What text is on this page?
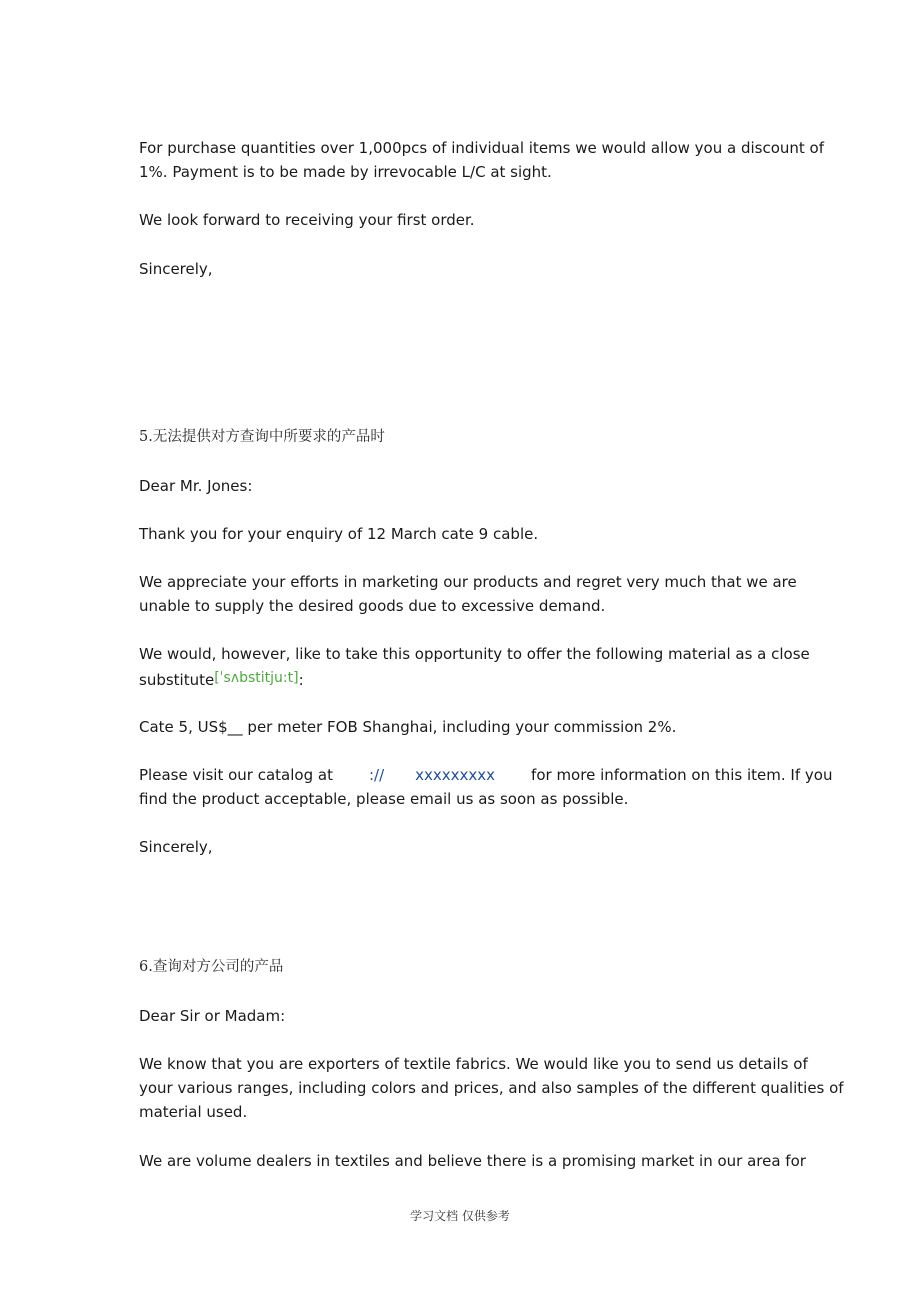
For purchase quantities over 1,000pcs of individual items we would allow you a discount of
1%. Payment is to be made by irrevocable L/C at sight.
We look forward to receiving your first order.
Sincerely,
5.无法提供对方查询中所要求的产品时
Dear Mr. Jones:
Thank you for your enquiry of 12 March cate 9 cable.
We appreciate your efforts in marketing our products and regret very much that we are
unable to supply the desired goods due to excessive demand.
We would, however, like to take this opportunity to offer the following material as a close
substitute[ˈsʌbstitju:t]:
Cate 5, US$__ per meter FOB Shanghai, including your commission 2%.
Please visit our catalog at :// xxxxxxxxx for more information on this item. If you
find the product acceptable, please email us as soon as possible.
Sincerely,
6.查询对方公司的产品
Dear Sir or Madam:
We know that you are exporters of textile fabrics. We would like you to send us details of
your various ranges, including colors and prices, and also samples of the different qualities of
material used.
We are volume dealers in textiles and believe there is a promising market in our area for
学习文档 仅供参考
